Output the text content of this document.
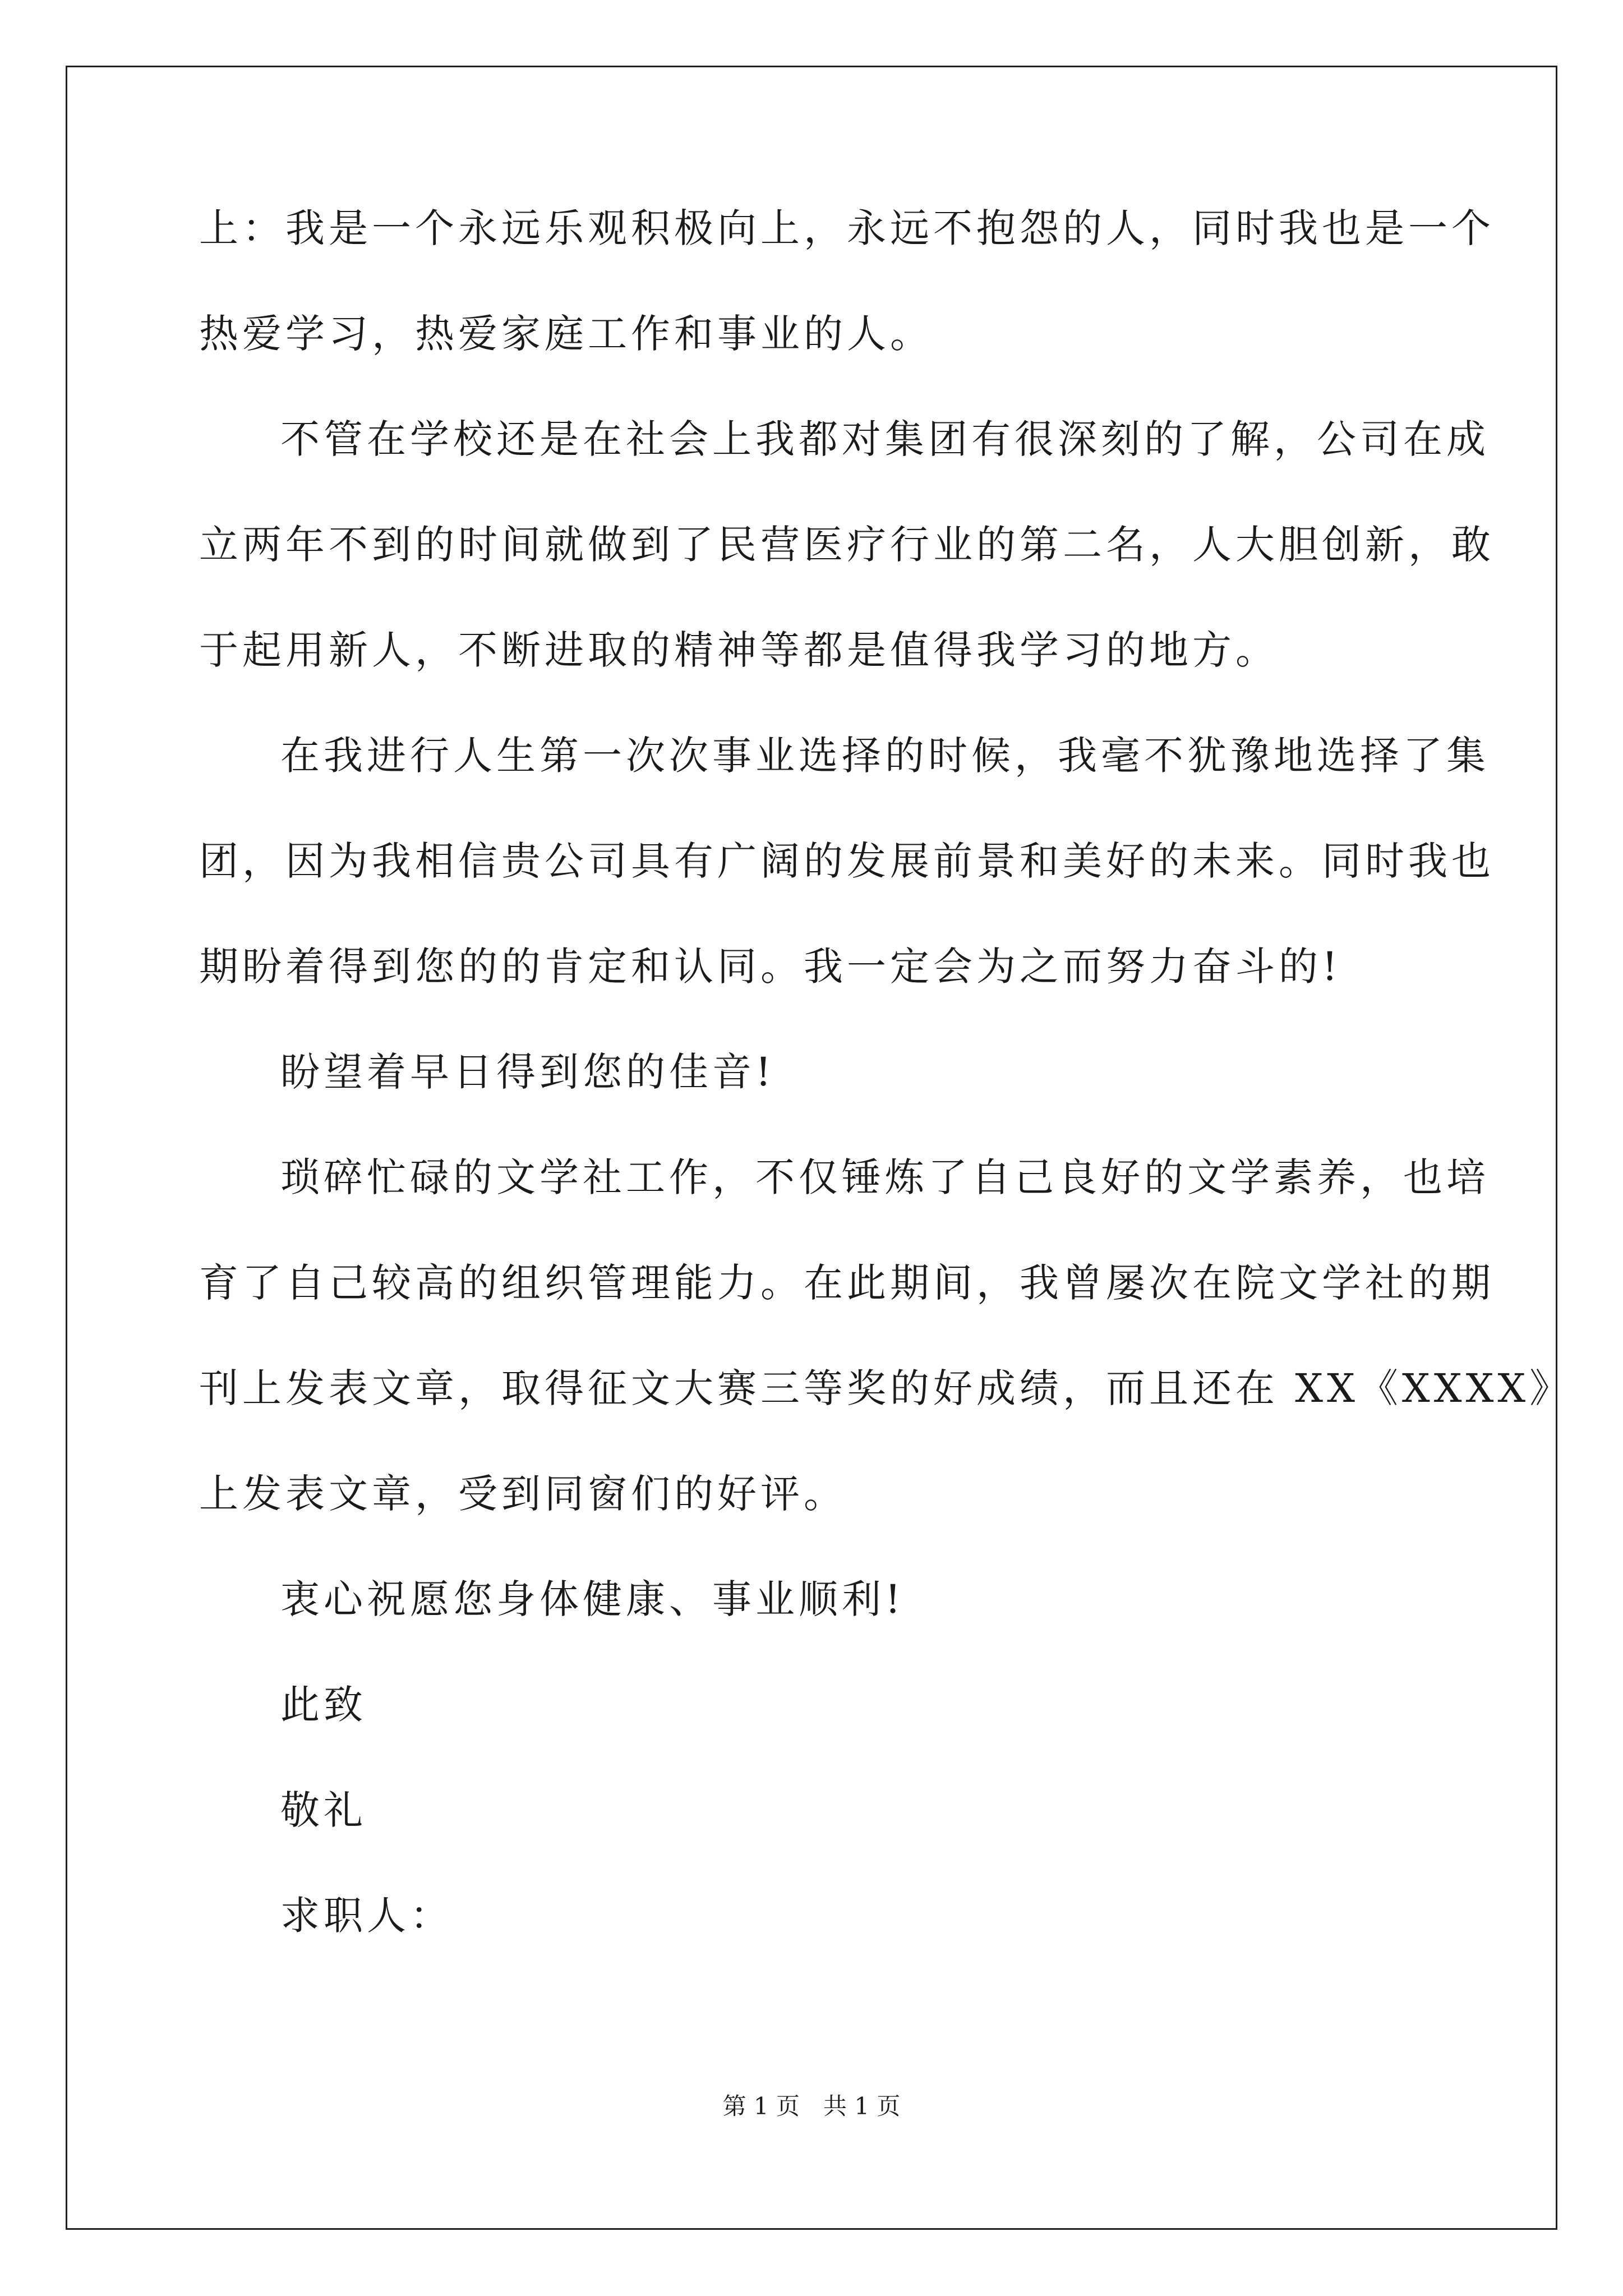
上：我是一个永远乐观积极向上，永远不抱怨的人，同时我也是一个
热爱学习，热爱家庭工作和事业的人。
不管在学校还是在社会上我都对集团有很深刻的了解，公司在成
立两年不到的时间就做到了民营医疗行业的第二名，人大胆创新，敢
于起用新人，不断进取的精神等都是值得我学习的地方。
在我进行人生第一次次事业选择的时候，我毫不犹豫地选择了集
团，因为我相信贵公司具有广阔的发展前景和美好的未来。同时我也
期盼着得到您的的肯定和认同。我一定会为之而努力奋斗的!
盼望着早日得到您的佳音!
琐碎忙碌的文学社工作，不仅锤炼了自己良好的文学素养，也培
育了自己较高的组织管理能力。在此期间，我曾屡次在院文学社的期
刊上发表文章，取得征文大赛三等奖的好成绩，而且还在 XX《XXXX》
上发表文章，受到同窗们的好评。
衷心祝愿您身体健康、事业顺利!
此致
敬礼
求职人：
第 1 页　共 1 页
